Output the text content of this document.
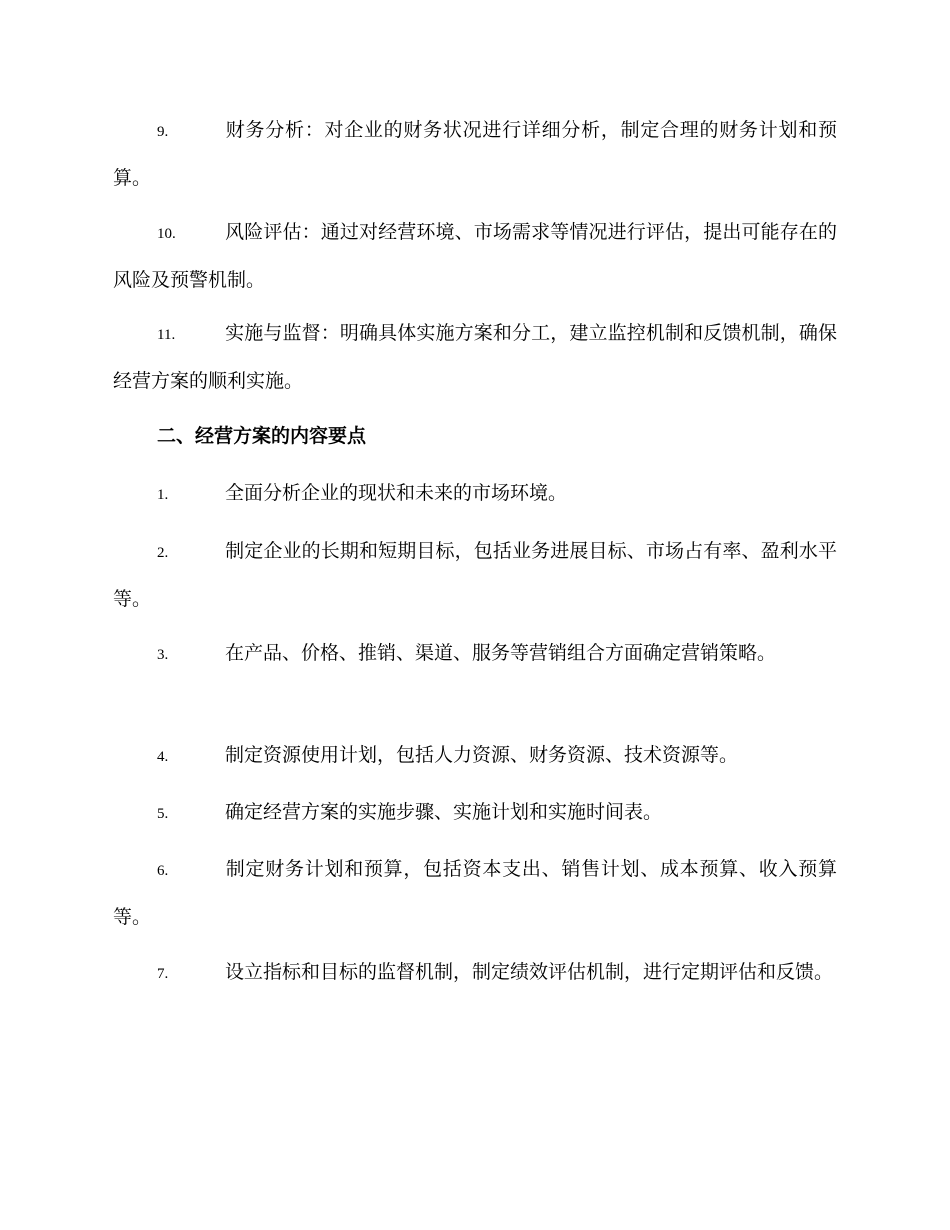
9.	财务分析：对企业的财务状况进行详细分析，制定合理的财务计划和预算。
10.	风险评估：通过对经营环境、市场需求等情况进行评估，提出可能存在的风险及预警机制。
11.	实施与监督：明确具体实施方案和分工，建立监控机制和反馈机制，确保经营方案的顺利实施。
二、经营方案的内容要点
1.	全面分析企业的现状和未来的市场环境。
2.	制定企业的长期和短期目标，包括业务进展目标、市场占有率、盈利水平等。
3.	在产品、价格、推销、渠道、服务等营销组合方面确定营销策略。
4.	制定资源使用计划，包括人力资源、财务资源、技术资源等。
5.	确定经营方案的实施步骤、实施计划和实施时间表。
6.	制定财务计划和预算，包括资本支出、销售计划、成本预算、收入预算等。
7.	设立指标和目标的监督机制，制定绩效评估机制，进行定期评估和反馈。
